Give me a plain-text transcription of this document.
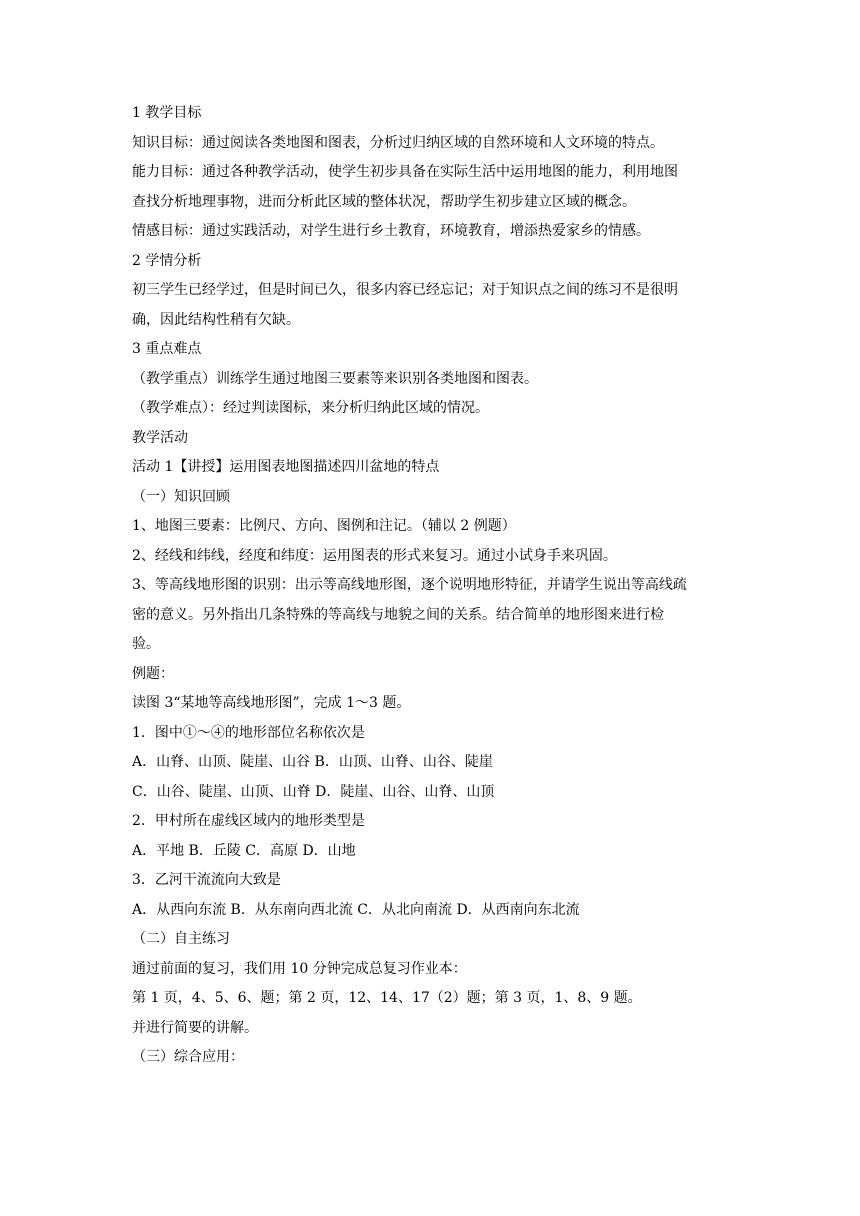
1 教学目标
知识目标：通过阅读各类地图和图表，分析过归纳区域的自然环境和人文环境的特点。
能力目标：通过各种教学活动，使学生初步具备在实际生活中运用地图的能力，利用地图
查找分析地理事物，进而分析此区域的整体状况，帮助学生初步建立区域的概念。
情感目标：通过实践活动，对学生进行乡土教育，环境教育，增添热爱家乡的情感。
2 学情分析
初三学生已经学过，但是时间已久，很多内容已经忘记；对于知识点之间的练习不是很明
确，因此结构性稍有欠缺。
3 重点难点
（教学重点）训练学生通过地图三要素等来识别各类地图和图表。
（教学难点）：经过判读图标，来分析归纳此区域的情况。
教学活动
活动 1【讲授】运用图表地图描述四川盆地的特点
（一）知识回顾
1、地图三要素：比例尺、方向、图例和注记。（辅以 2 例题）
2、经线和纬线，经度和纬度：运用图表的形式来复习。通过小试身手来巩固。
3、等高线地形图的识别：出示等高线地形图，逐个说明地形特征，并请学生说出等高线疏
密的意义。另外指出几条特殊的等高线与地貌之间的关系。结合简单的地形图来进行检
验。
例题：
读图 3“某地等高线地形图”，完成 1～3 题。
1．图中①～④的地形部位名称依次是
A．山脊、山顶、陡崖、山谷 B．山顶、山脊、山谷、陡崖
C．山谷、陡崖、山顶、山脊 D．陡崖、山谷、山脊、山顶
2．甲村所在虚线区域内的地形类型是
A．平地 B．丘陵 C．高原 D．山地
3．乙河干流流向大致是
A．从西向东流 B．从东南向西北流 C．从北向南流 D．从西南向东北流
（二）自主练习
通过前面的复习，我们用 10 分钟完成总复习作业本：
第 1 页，4、5、6、题；第 2 页，12、14、17（2）题；第 3 页，1、8、9 题。
并进行简要的讲解。
（三）综合应用：
